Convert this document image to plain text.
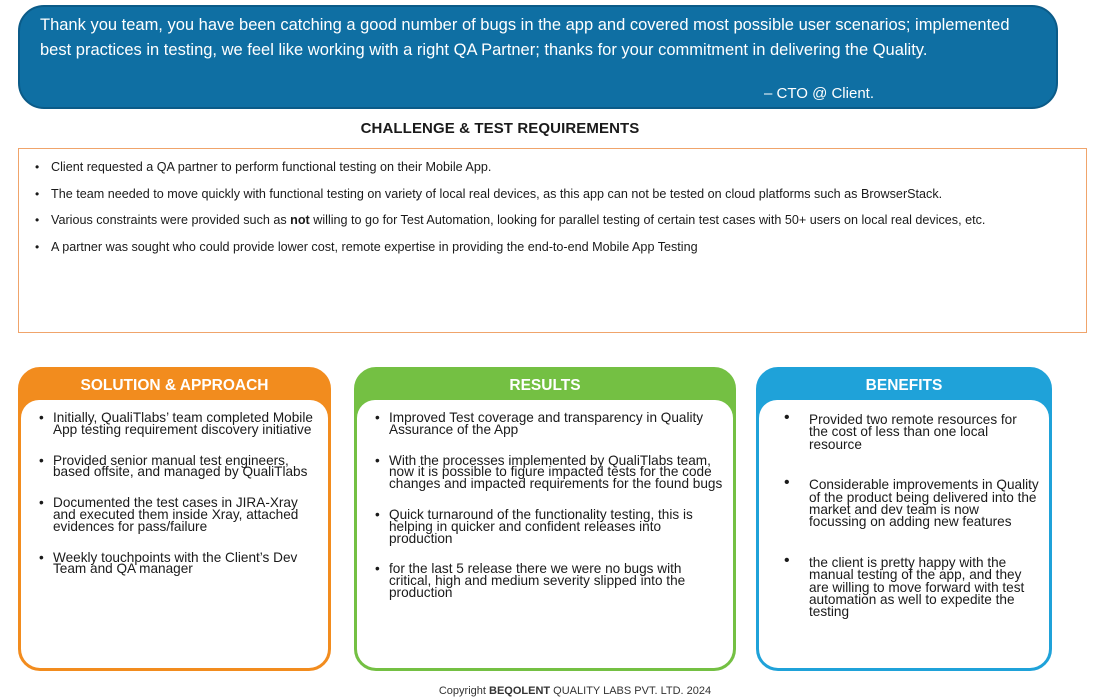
Thank you team, you have been catching a good number of bugs in the app and covered most possible user scenarios; implemented best practices in testing, we feel like working with a right QA Partner; thanks for your commitment in delivering the Quality.

– CTO @ Client.
CHALLENGE & TEST REQUIREMENTS
• Client requested a QA partner to perform functional testing on their Mobile App.
• The team needed to move quickly with functional testing on variety of local real devices, as this app can not be tested on cloud platforms such as BrowserStack.
• Various constraints were provided such as not willing to go for Test Automation, looking for parallel testing of certain test cases with 50+ users on local real devices, etc.
• A partner was sought who could provide lower cost, remote expertise in providing the end-to-end Mobile App Testing
SOLUTION & APPROACH
• Initially, QualiTlabs’ team completed Mobile App testing requirement discovery initiative
• Provided senior manual test engineers, based offsite, and managed by QualiTlabs
• Documented the test cases in JIRA-Xray and executed them inside Xray, attached evidences for pass/failure
• Weekly touchpoints with the Client’s Dev Team and QA manager
RESULTS
• Improved Test coverage and transparency in Quality Assurance of the App
• With the processes implemented by QualiTlabs team, now it is possible to figure impacted tests for the code changes and impacted requirements for the found bugs
• Quick turnaround of the functionality testing, this is helping in quicker and confident releases into production
• for the last 5 release there we were no bugs with critical, high and medium severity slipped into the production
BENEFITS
• Provided two remote resources for the cost of less than one local resource
• Considerable improvements in Quality of the product being delivered into the market and dev team is now focussing on adding new features
• the client is pretty happy with the manual testing of the app, and they are willing to move forward with test automation as well to expedite the testing
Copyright BEQOLENT QUALITY LABS PVT. LTD. 2024
